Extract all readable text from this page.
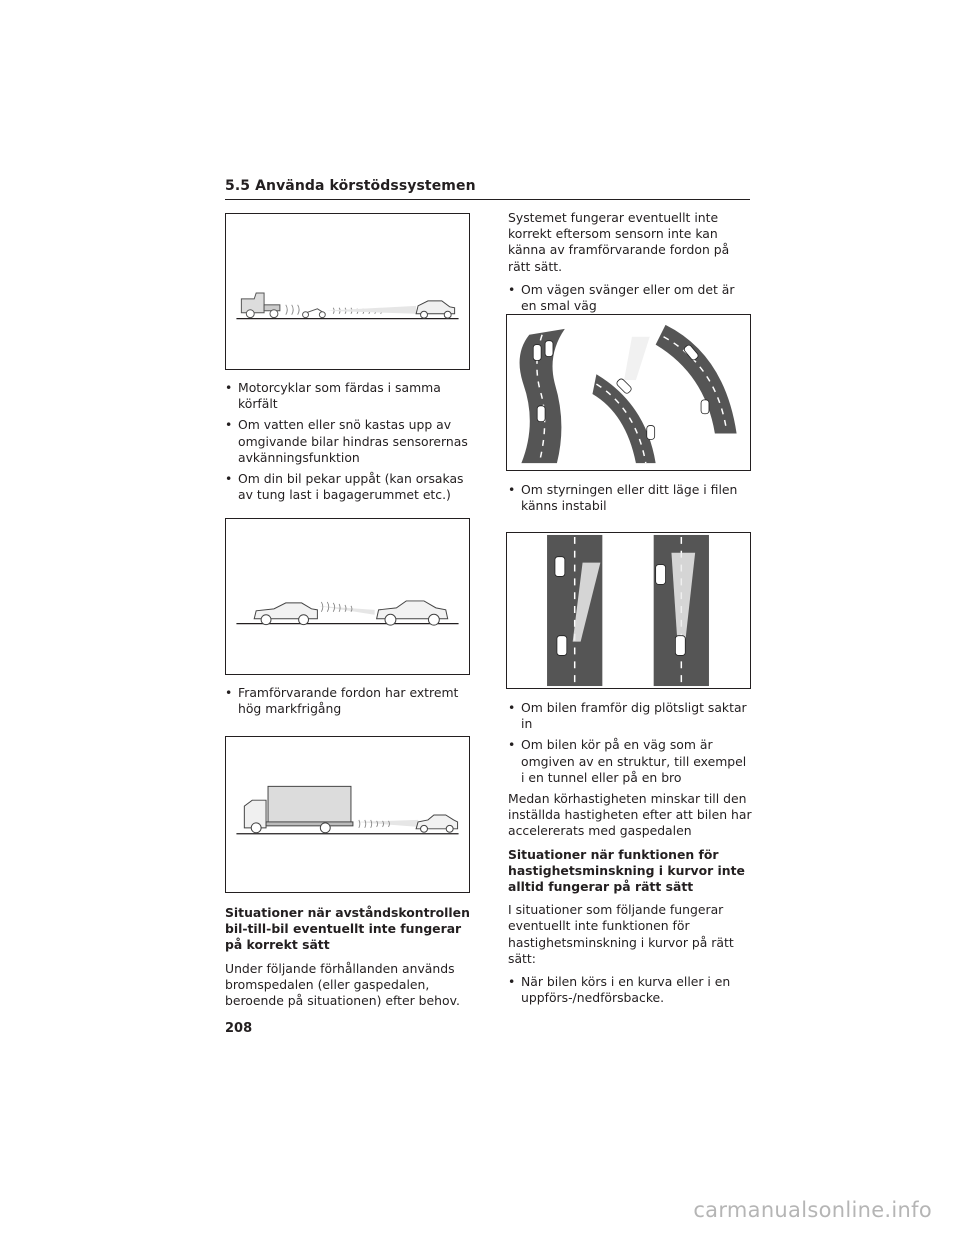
5.5 Använda körstödssystemen
• Motorcyklar som färdas i samma körfält
• Om vatten eller snö kastas upp av omgivande bilar hindras sensorernas avkänningsfunktion
• Om din bil pekar uppåt (kan orsakas av tung last i bagagerummet etc.)
• Framförvarande fordon har extremt hög markfrigång

Situationer när avståndskontrollen bil-till-bil eventuellt inte fungerar på korrekt sätt

Under följande förhållanden används bromspedalen (eller gaspedalen, beroende på situationen) efter behov.

Systemet fungerar eventuellt inte korrekt eftersom sensorn inte kan känna av framförvarande fordon på rätt sätt.

• Om vägen svänger eller om det är en smal väg
• Om styrningen eller ditt läge i filen känns instabil
• Om bilen framför dig plötsligt saktar in
• Om bilen kör på en väg som är omgiven av en struktur, till exempel i en tunnel eller på en bro

Medan körhastigheten minskar till den inställda hastigheten efter att bilen har accelererats med gaspedalen

Situationer när funktionen för hastighetsminskning i kurvor inte alltid fungerar på rätt sätt

I situationer som följande fungerar eventuellt inte funktionen för hastighetsminskning i kurvor på rätt sätt:

• När bilen körs i en kurva eller i en uppförs-/nedförsbacke.
208
carmanualsonline.info
